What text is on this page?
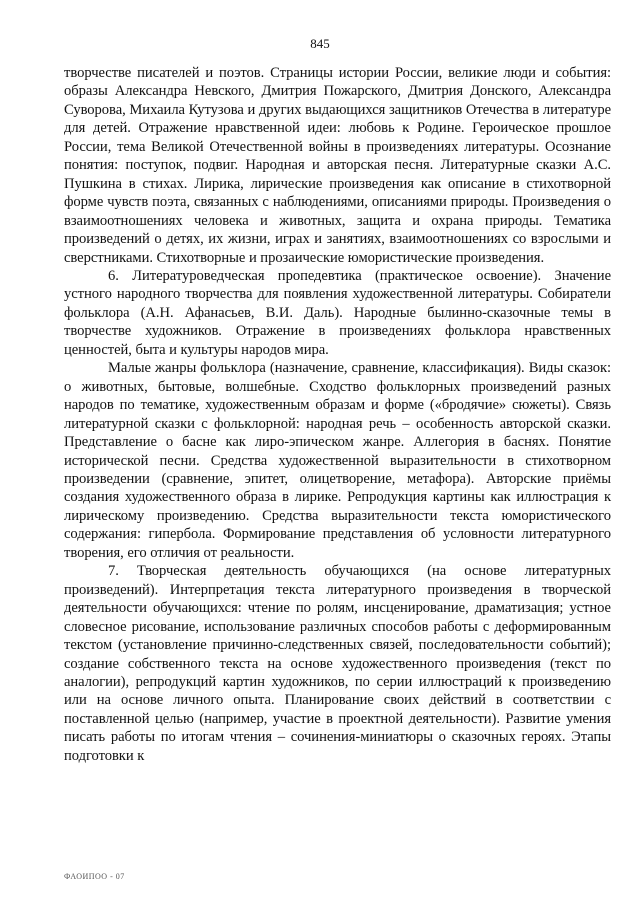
845

творчестве писателей и поэтов. Страницы истории России, великие люди и события: образы Александра Невского, Дмитрия Пожарского, Дмитрия Донского, Александра Суворова, Михаила Кутузова и других выдающихся защитников Отечества в литературе для детей. Отражение нравственной идеи: любовь к Родине. Героическое прошлое России, тема Великой Отечественной войны в произведениях литературы. Осознание понятия: поступок, подвиг. Народная и авторская песня. Литературные сказки А.С. Пушкина в стихах. Лирика, лирические произведения как описание в стихотворной форме чувств поэта, связанных с наблюдениями, описаниями природы. Произведения о взаимоотношениях человека и животных, защита и охрана природы. Тематика произведений о детях, их жизни, играх и занятиях, взаимоотношениях со взрослыми и сверстниками. Стихотворные и прозаические юмористические произведения.

6. Литературоведческая пропедевтика (практическое освоение). Значение устного народного творчества для появления художественной литературы. Собиратели фольклора (А.Н. Афанасьев, В.И. Даль). Народные былинно-сказочные темы в творчестве художников. Отражение в произведениях фольклора нравственных ценностей, быта и культуры народов мира.

Малые жанры фольклора (назначение, сравнение, классификация). Виды сказок: о животных, бытовые, волшебные. Сходство фольклорных произведений разных народов по тематике, художественным образам и форме («бродячие» сюжеты). Связь литературной сказки с фольклорной: народная речь – особенность авторской сказки. Представление о басне как лиро-эпическом жанре. Аллегория в баснях. Понятие исторической песни. Средства художественной выразительности в стихотворном произведении (сравнение, эпитет, олицетворение, метафора). Авторские приёмы создания художественного образа в лирике. Репродукция картины как иллюстрация к лирическому произведению. Средства выразительности текста юмористического содержания: гипербола. Формирование представления об условности литературного творения, его отличия от реальности.

7. Творческая деятельность обучающихся (на основе литературных произведений). Интерпретация текста литературного произведения в творческой деятельности обучающихся: чтение по ролям, инсценирование, драматизация; устное словесное рисование, использование различных способов работы с деформированным текстом (установление причинно-следственных связей, последовательности событий); создание собственного текста на основе художественного произведения (текст по аналогии), репродукций картин художников, по серии иллюстраций к произведению или на основе личного опыта. Планирование своих действий в соответствии с поставленной целью (например, участие в проектной деятельности). Развитие умения писать работы по итогам чтения – сочинения-миниатюры о сказочных героях. Этапы подготовки к

ФАОИПОО - 07
